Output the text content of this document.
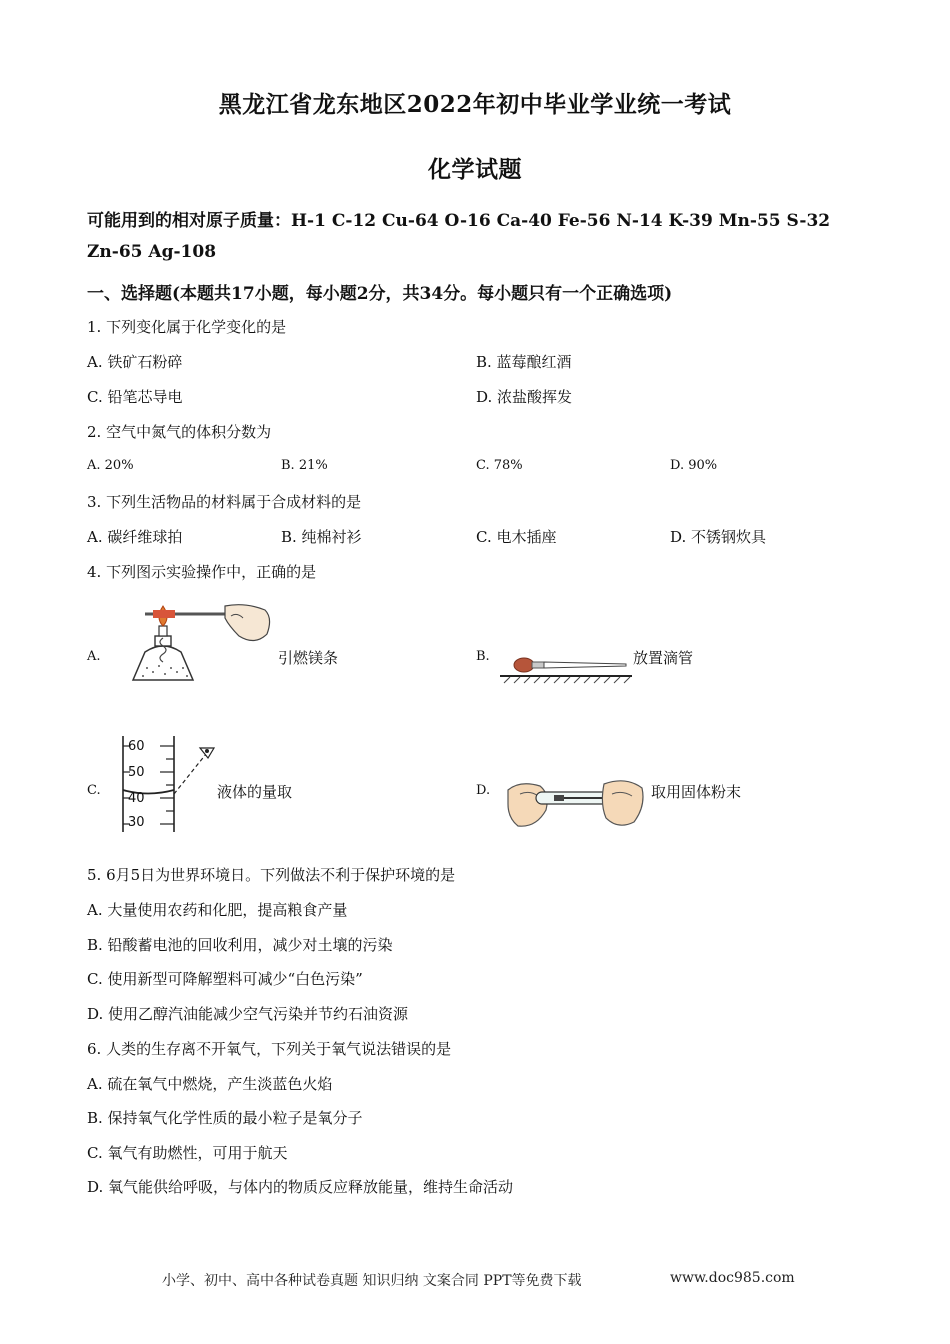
黑龙江省龙东地区2022年初中毕业学业统一考试
化学试题
可能用到的相对原子质量：H-1 C-12 Cu-64 O-16 Ca-40 Fe-56 N-14 K-39 Mn-55 S-32
Zn-65 Ag-108
一、选择题(本题共17小题，每小题2分，共34分。每小题只有一个正确选项)
1. 下列变化属于化学变化的是
A. 铁矿石粉碎	B. 蓝莓酿红酒
C. 铅笔芯导电	D. 浓盐酸挥发
2. 空气中氮气的体积分数为
A. 20%	B. 21%	C. 78%	D. 90%
3. 下列生活物品的材料属于合成材料的是
A. 碳纤维球拍	B. 纯棉衬衫	C. 电木插座	D. 不锈钢炊具
4. 下列图示实验操作中，正确的是
A.	引燃镁条	B.	放置滴管
C.
60
50
40
30
液体的量取	D.	取用固体粉末
5. 6月5日为世界环境日。下列做法不利于保护环境的是
A. 大量使用农药和化肥，提高粮食产量
B. 铅酸蓄电池的回收利用，减少对土壤的污染
C. 使用新型可降解塑料可减少“白色污染”
D. 使用乙醇汽油能减少空气污染并节约石油资源
6. 人类的生存离不开氧气，下列关于氧气说法错误的是
A. 硫在氧气中燃烧，产生淡蓝色火焰
B. 保持氧气化学性质的最小粒子是氧分子
C. 氧气有助燃性，可用于航天
D. 氧气能供给呼吸，与体内的物质反应释放能量，维持生命活动
小学、初中、高中各种试卷真题 知识归纳 文案合同 PPT等免费下载	www.doc985.com
